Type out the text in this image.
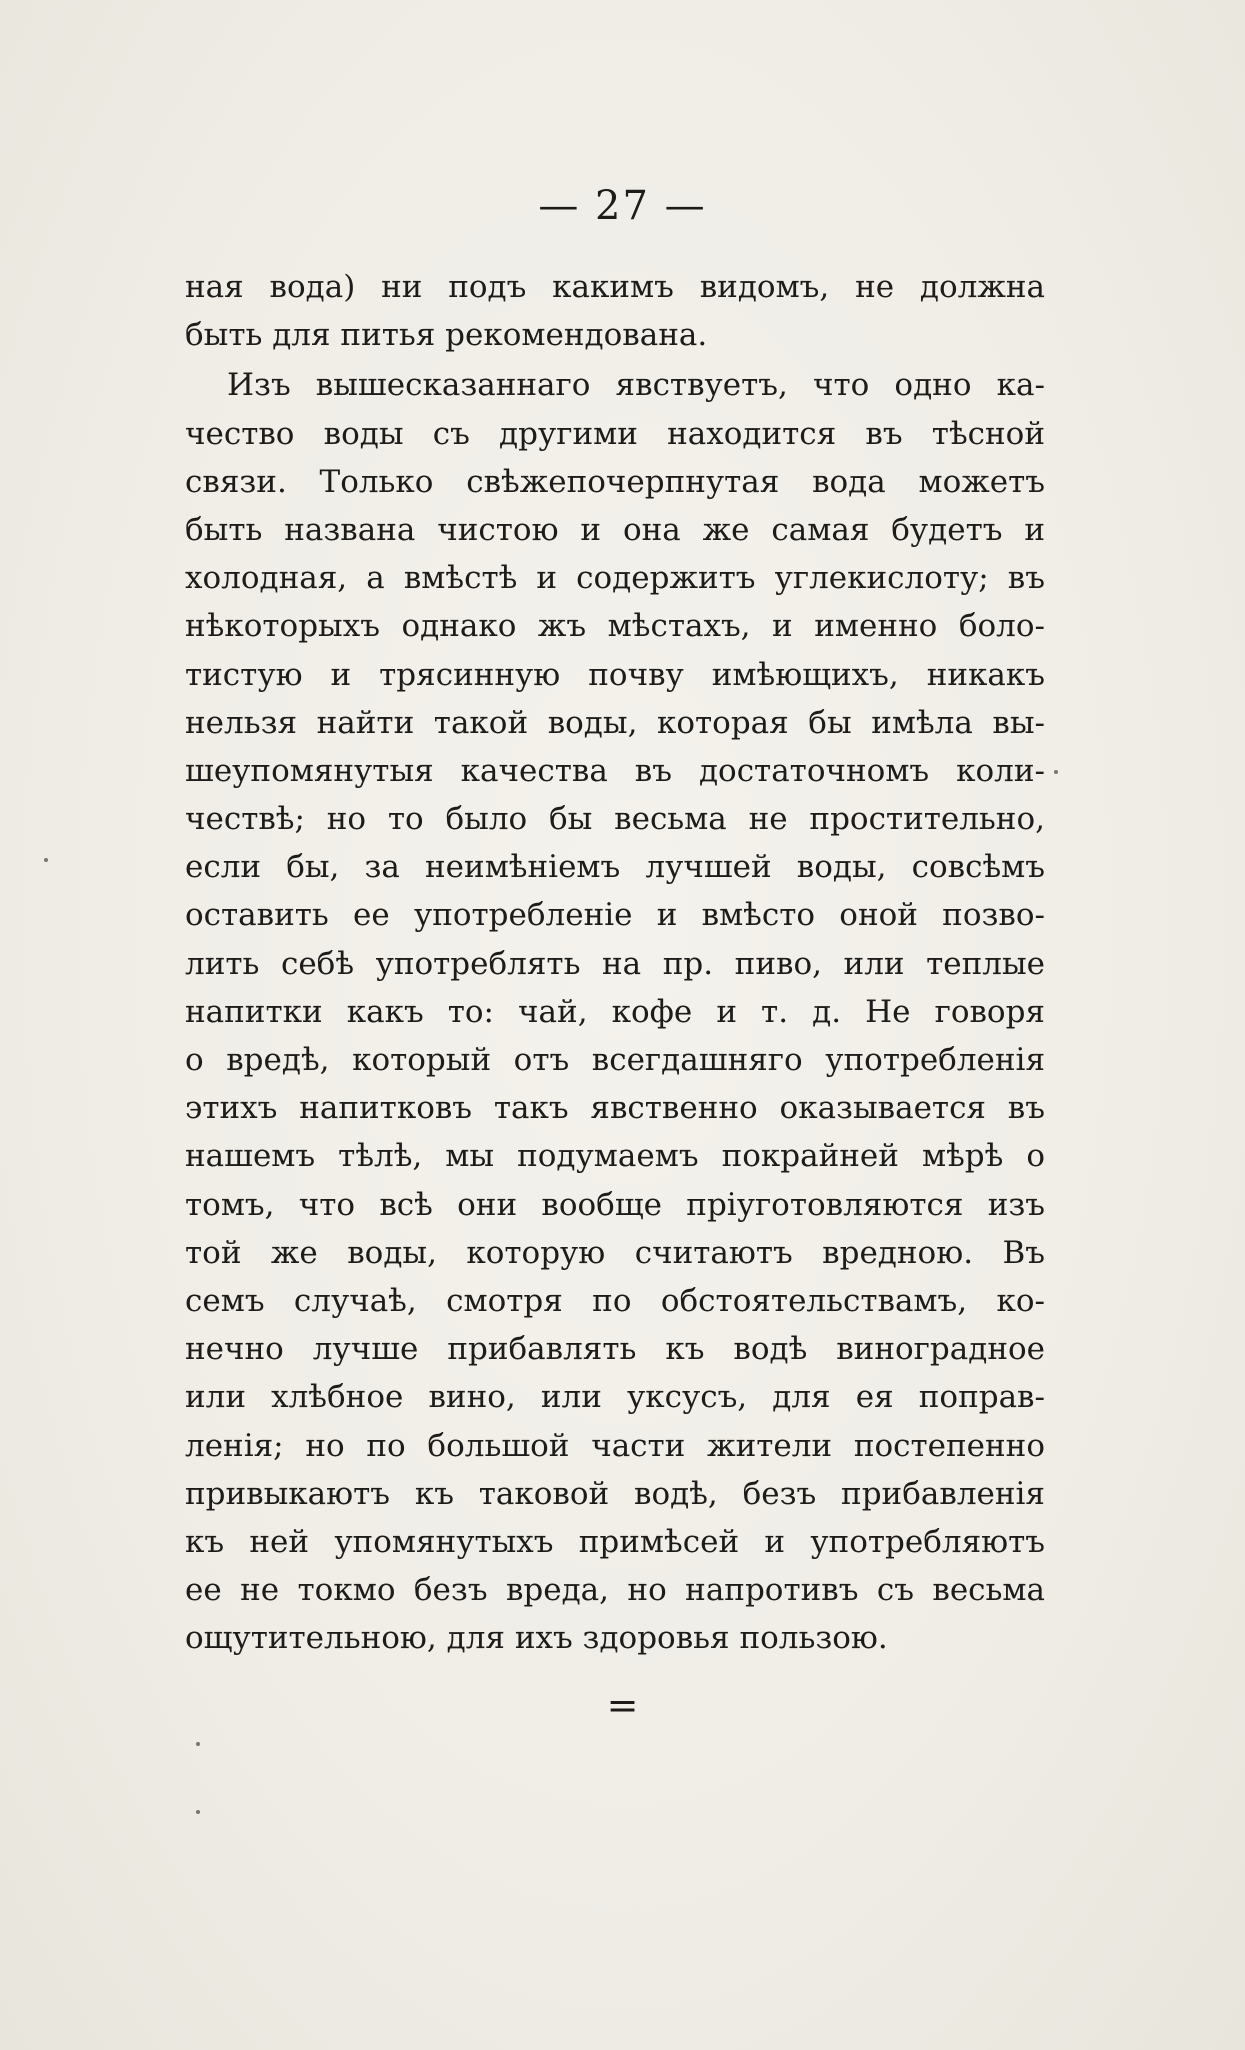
— 27 —
ная вода) ни подъ какимъ видомъ, не должна
быть для питья рекомендована.
Изъ вышесказаннаго явствуетъ, что одно ка-
чество воды съ другими находится въ тѣсной
связи. Только свѣжепочерпнутая вода можетъ
быть названа чистою и она же самая будетъ и
холодная, а вмѣстѣ и содержитъ углекислоту; въ
нѣкоторыхъ однако жъ мѣстахъ, и именно боло-
тистую и трясинную почву имѣющихъ, никакъ
нельзя найти такой воды, которая бы имѣла вы-
шеупомянутыя качества въ достаточномъ коли-
чествѣ; но то было бы весьма не простительно,
если бы, за неимѣніемъ лучшей воды, совсѣмъ
оставить ее употребленіе и вмѣсто оной позво-
лить себѣ употреблять на пр. пиво, или теплые
напитки какъ то: чай, кофе и т. д. Не говоря
о вредѣ, который отъ всегдашняго употребленія
этихъ напитковъ такъ явственно оказывается въ
нашемъ тѣлѣ, мы подумаемъ покрайней мѣрѣ о
томъ, что всѣ они вообще пріуготовляются изъ
той же воды, которую считаютъ вредною. Въ
семъ случаѣ, смотря по обстоятельствамъ, ко-
нечно лучше прибавлять къ водѣ виноградное
или хлѣбное вино, или уксусъ, для ея поправ-
ленія; но по большой части жители постепенно
привыкаютъ къ таковой водѣ, безъ прибавленія
къ ней упомянутыхъ примѣсей и употребляютъ
ее не токмо безъ вреда, но напротивъ съ весьма
ощутительною, для ихъ здоровья пользою.
=
